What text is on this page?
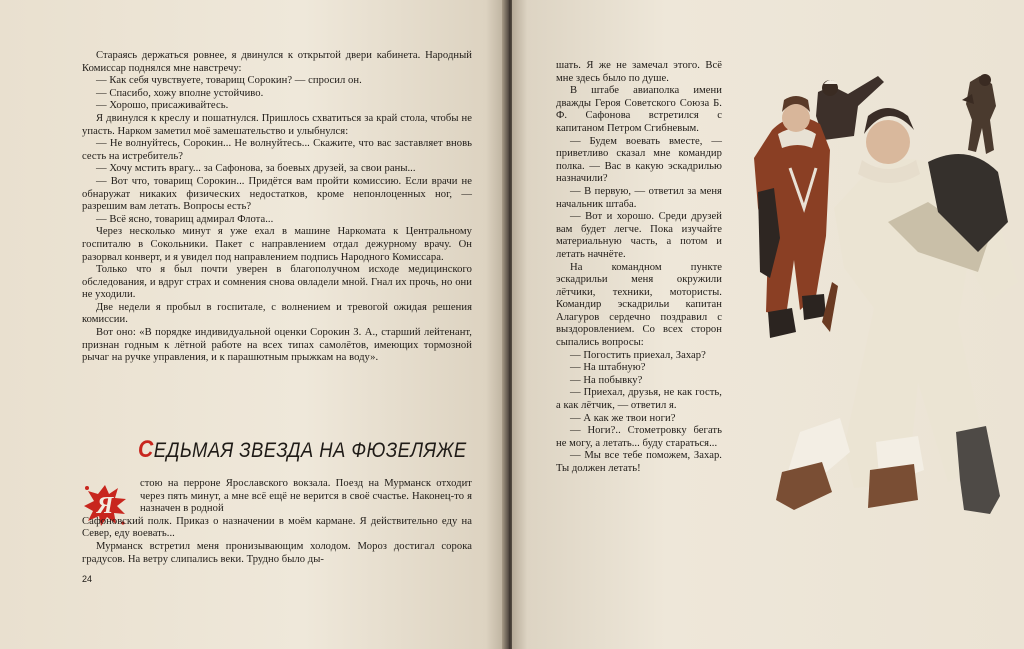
Стараясь держаться ровнее, я двинулся к открытой двери кабинета. Народный Комиссар поднялся мне навстречу:

— Как себя чувствуете, товарищ Сорокин? — спросил он.

— Спасибо, хожу вполне устойчиво.

— Хорошо, присаживайтесь.

Я двинулся к креслу и пошатнулся. Пришлось схватиться за край стола, чтобы не упасть. Нарком заметил моё замешательство и улыбнулся:

— Не волнуйтесь, Сорокин... Не волнуйтесь... Скажите, что вас заставляет вновь сесть на истребитель?

— Хочу мстить врагу... за Сафонова, за боевых друзей, за свои раны...

— Вот что, товарищ Сорокин... Придётся вам пройти комиссию. Если врачи не обнаружат никаких физических недостатков, кроме непонлоценных ног, — разрешим вам летать. Вопросы есть?

— Всё ясно, товарищ адмирал Флота...

Через несколько минут я уже ехал в машине Наркомата к Центральному госпиталю в Сокольники. Пакет с направлением отдал дежурному врачу. Он разорвал конверт, и я увидел под направлением подпись Народного Комиссара.

Только что я был почти уверен в благополучном исходе медицинского обследования, и вдруг страх и сомнения снова овладели мной. Гнал их прочь, но они не уходили.

Две недели я пробыл в госпитале, с волнением и тревогой ожидая решения комиссии.

Вот оно: «В порядке индивидуальной оценки Сорокин З. А., старший лейтенант, признан годным к лётной работе на всех типах самолётов, имеющих тормозной рычаг на ручке управления, и к парашютным прыжкам на воду».

СЕДЬМАЯ ЗВЕЗДА НА ФЮЗЕЛЯЖЕ
Я

стою на перроне Ярославского вокзала. Поезд на Мурманск отходит через пять минут, а мне всё ещё не верится в своё счастье. Наконец-то я назначен в родной

Сафоновский полк. Приказ о назначении в моём кармане. Я действительно еду на Север, еду воевать...

Мурманск встретил меня пронизывающим холодом. Мороз достигал сорока градусов. На ветру слипались веки. Трудно было ды-

24

шать. Я же не замечал этого. Всё мне здесь было по душе.

В штабе авиаполка имени дважды Героя Советского Союза Б. Ф. Сафонова встретился с капитаном Петром Сгибневым.

— Будем воевать вместе, — приветливо сказал мне командир полка. — Вас в какую эскадрилью назначили?

— В первую, — ответил за меня начальник штаба.

— Вот и хорошо. Среди друзей вам будет легче. Пока изучайте материальную часть, а потом и летать начнёте.

На командном пункте эскадрильи меня окружили лётчики, техники, мотористы. Командир эскадрильи капитан Алагуров сердечно поздравил с выздоровлением. Со всех сторон сыпались вопросы:

— Погостить приехал, Захар?

— На штабную?

— На побывку?

— Приехал, друзья, не как гость, а как лётчик, — ответил я.

— А как же твои ноги?

— Ноги?.. Стометровку бегать не могу, а летать... буду стараться...

— Мы все тебе поможем, Захар. Ты должен летать!
